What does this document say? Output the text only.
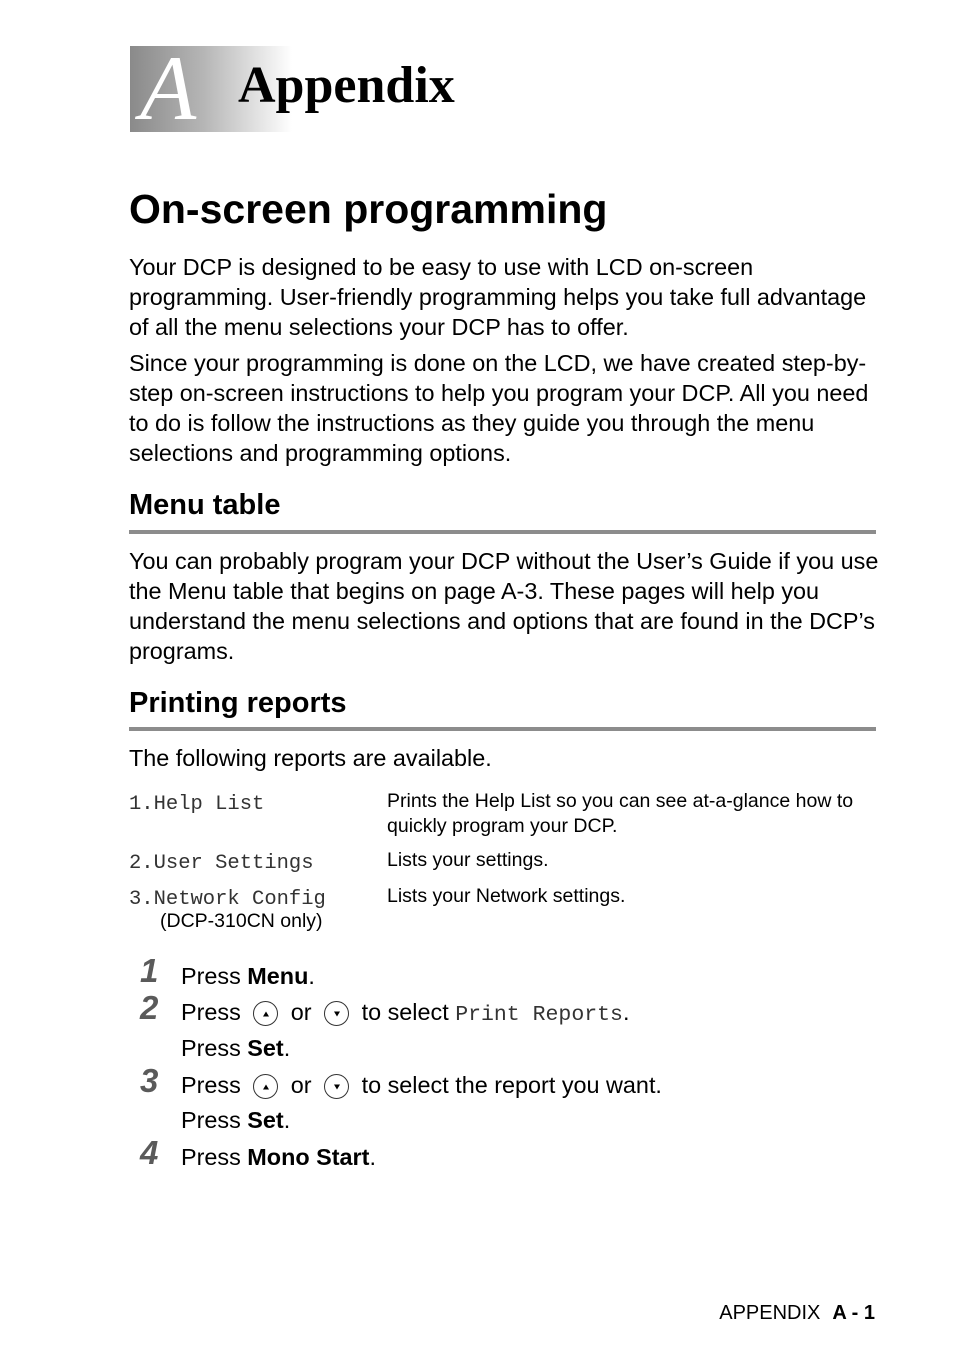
A Appendix
On-screen programming

Your DCP is designed to be easy to use with LCD on-screen programming. User-friendly programming helps you take full advantage of all the menu selections your DCP has to offer.

Since your programming is done on the LCD, we have created step-by-step on-screen instructions to help you program your DCP. All you need to do is follow the instructions as they guide you through the menu selections and programming options.

Menu table

You can probably program your DCP without the User’s Guide if you use the Menu table that begins on page A-3. These pages will help you understand the menu selections and options that are found in the DCP’s programs.

Printing reports

The following reports are available.

1.Help List	Prints the Help List so you can see at-a-glance how to quickly program your DCP.
2.User Settings	Lists your settings.
3.Network Config
(DCP-310CN only)
Lists your Network settings.
1 Press Menu.
2 Press  or  to select Print Reports.
Press Set.
3 Press  or  to select the report you want.
Press Set.
4 Press Mono Start.
APPENDIX A - 1
